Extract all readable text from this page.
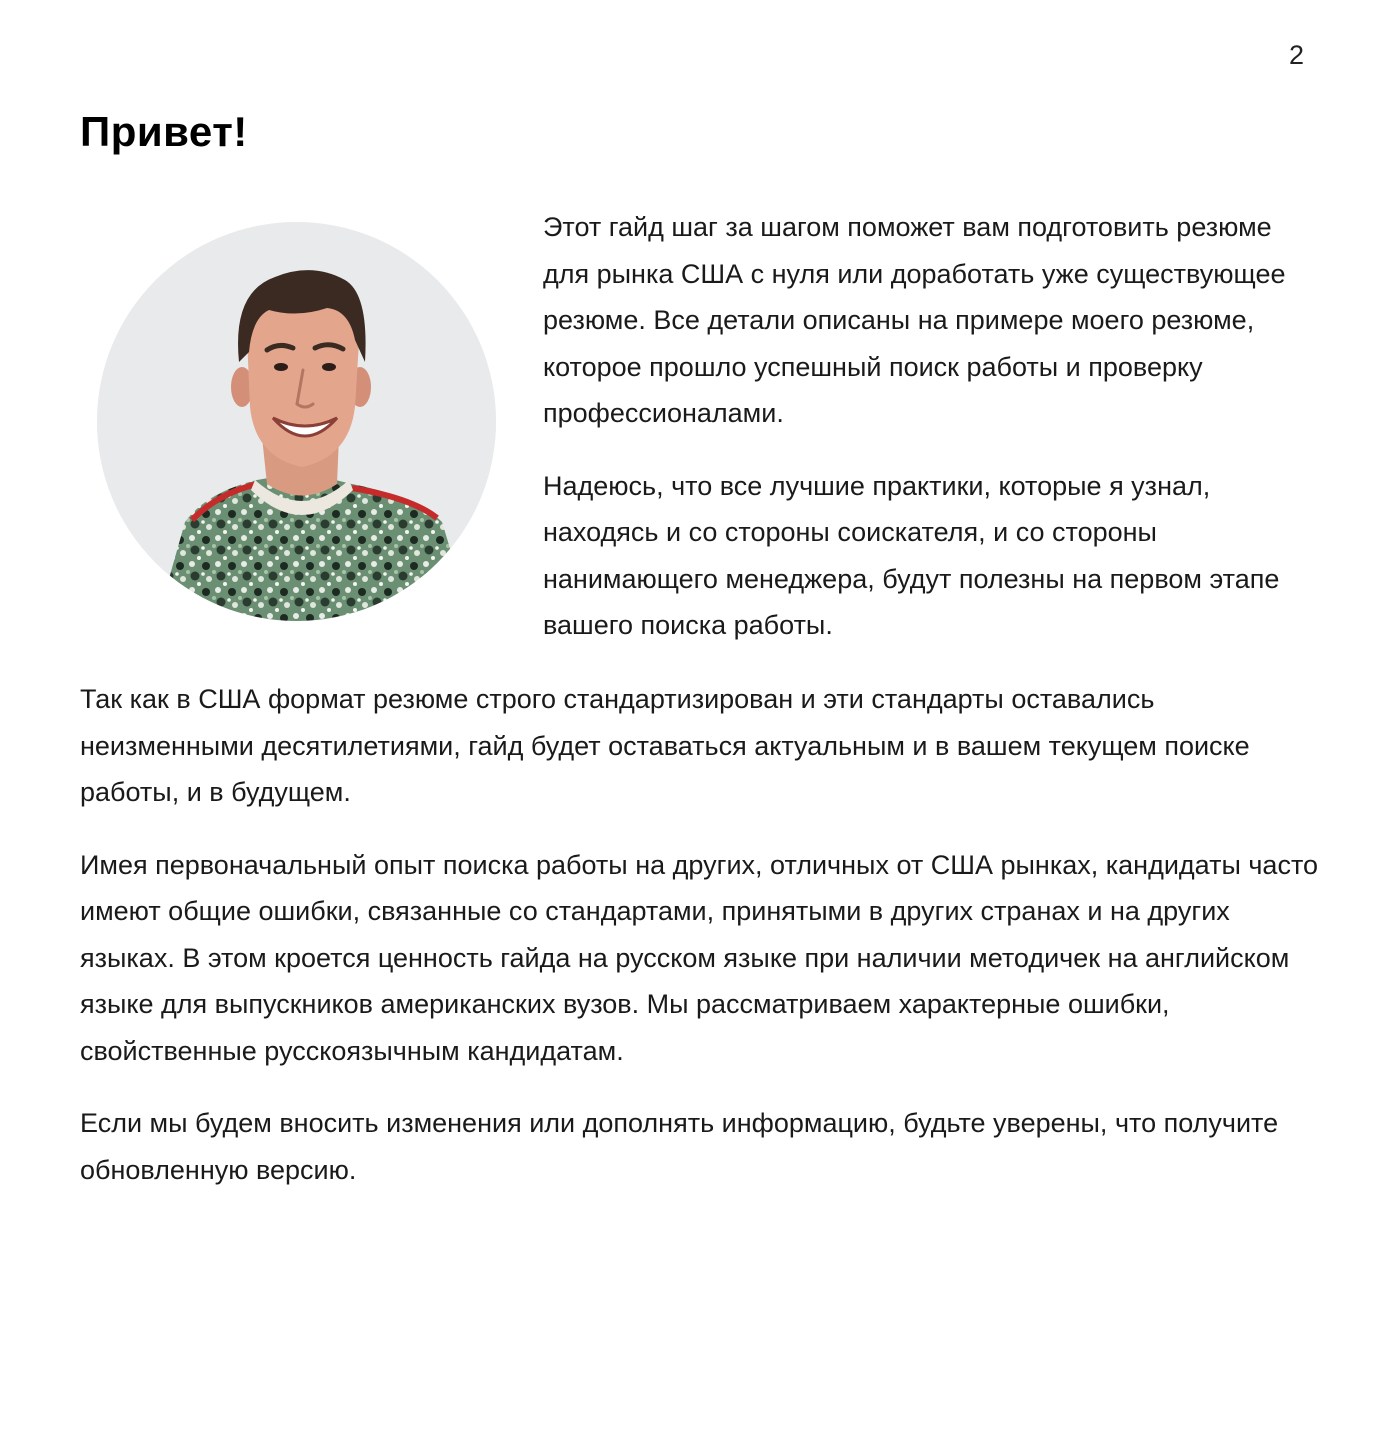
2
Привет!

Этот гайд шаг за шагом поможет вам подготовить резюме для рынка США с нуля или доработать уже существующее резюме. Все детали описаны на примере моего резюме, которое прошло успешный поиск работы и проверку профессионалами.

Надеюсь, что все лучшие практики, которые я узнал, находясь и со стороны соискателя, и со стороны нанимающего менеджера, будут полезны на первом этапе вашего поиска работы.

Так как в США формат резюме строго стандартизирован и эти стандарты оставались неизменными десятилетиями, гайд будет оставаться актуальным и в вашем текущем поиске работы, и в будущем.

Имея первоначальный опыт поиска работы на других, отличных от США рынках, кандидаты часто имеют общие ошибки, связанные со стандартами, принятыми в других странах и на других языках. В этом кроется ценность гайда на русском языке при наличии методичек на английском языке для выпускников американских вузов. Мы рассматриваем характерные ошибки, свойственные русскоязычным кандидатам.

Если мы будем вносить изменения или дополнять информацию, будьте уверены, что получите обновленную версию.
